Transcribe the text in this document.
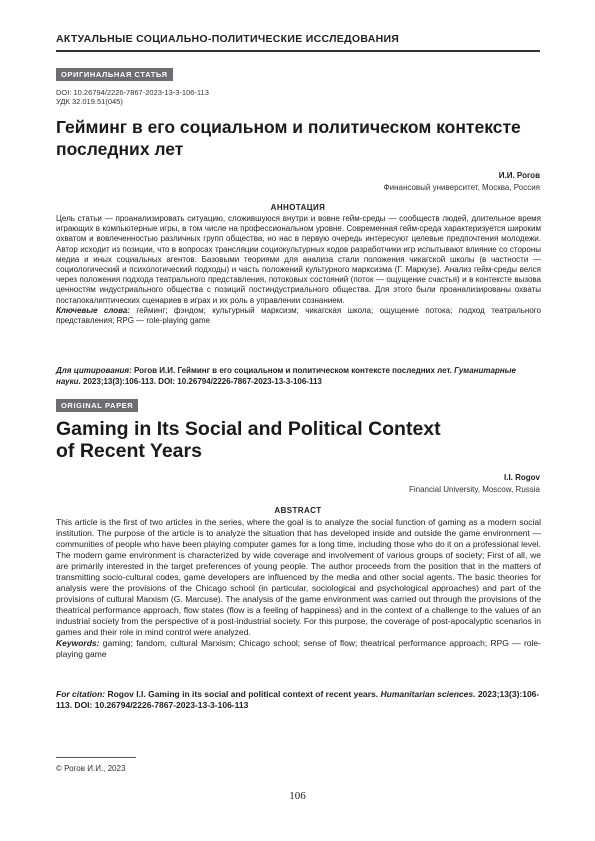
АКТУАЛЬНЫЕ СОЦИАЛЬНО-ПОЛИТИЧЕСКИЕ ИССЛЕДОВАНИЯ
ОРИГИНАЛЬНАЯ СТАТЬЯ
DOI: 10.26794/2226-7867-2023-13-3-106-113
УДК 32.019.51(045)
Гейминг в его социальном и политическом контексте
последних лет
И.И. Рогов
Финансовый университет, Москва, Россия
АННОТАЦИЯ
Цель статьи — проанализировать ситуацию, сложившуюся внутри и вовне гейм-среды — сообществ людей, длительное время играющих в компьютерные игры, в том числе на профессиональном уровне. Современная гейм-среда характеризуется широким охватом и вовлеченностью различных групп общества, но нас в первую очередь интересуют целевые предпочтения молодежи. Автор исходит из позиции, что в вопросах трансляции социокультурных кодов разработчики игр испытывают влияние со стороны медиа и иных социальных агентов. Базовыми теориями для анализа стали положения чикагской школы (в частности — социологический и психологический подходы) и часть положений культурного марксизма (Г. Маркузе). Анализ гейм-среды велся через положения подхода театрального представления, потоковых состояний (поток — ощущение счастья) и в контексте вызова ценностям индустриального общества с позиций постиндустриального общества. Для этого были проанализированы охваты постапокалиптических сценариев в играх и их роль в управлении сознанием.
Ключевые слова: гейминг; фэндом; культурный марксизм; чикагская школа; ощущение потока; подход театрального представления; RPG — role-playing game
Для цитирования: Рогов И.И. Гейминг в его социальном и политическом контексте последних лет. Гуманитарные науки. 2023;13(3):106-113. DOI: 10.26794/2226-7867-2023-13-3-106-113
ORIGINAL PAPER
Gaming in Its Social and Political Context
of Recent Years
I.I. Rogov
Financial University, Moscow, Russia
ABSTRACT
This article is the first of two articles in the series, where the goal is to analyze the social function of gaming as a modern social institution. The purpose of the article is to analyze the situation that has developed inside and outside the game environment — communities of people who have been playing computer games for a long time, including those who do it on a professional level. The modern game environment is characterized by wide coverage and involvement of various groups of society; First of all, we are primarily interested in the target preferences of young people. The author proceeds from the position that in the matters of transmitting socio-cultural codes, game developers are influenced by the media and other social agents. The basic theories for analysis were the provisions of the Chicago school (in particular, sociological and psychological approaches) and part of the provisions of cultural Marxism (G. Marcuse). The analysis of the game environment was carried out through the provisions of the theatrical performance approach, flow states (flow is a feeling of happiness) and in the context of a challenge to the values of an industrial society from the perspective of a post-industrial society. For this purpose, the coverage of post-apocalyptic scenarios in games and their role in mind control were analyzed.
Keywords: gaming; fandom, cultural Marxism; Chicago school; sense of flow; theatrical performance approach; RPG — role-playing game
For citation: Rogov I.I. Gaming in its social and political context of recent years. Humanitarian sciences. 2023;13(3):106-113. DOI: 10.26794/2226-7867-2023-13-3-106-113
© Рогов И.И., 2023
106
